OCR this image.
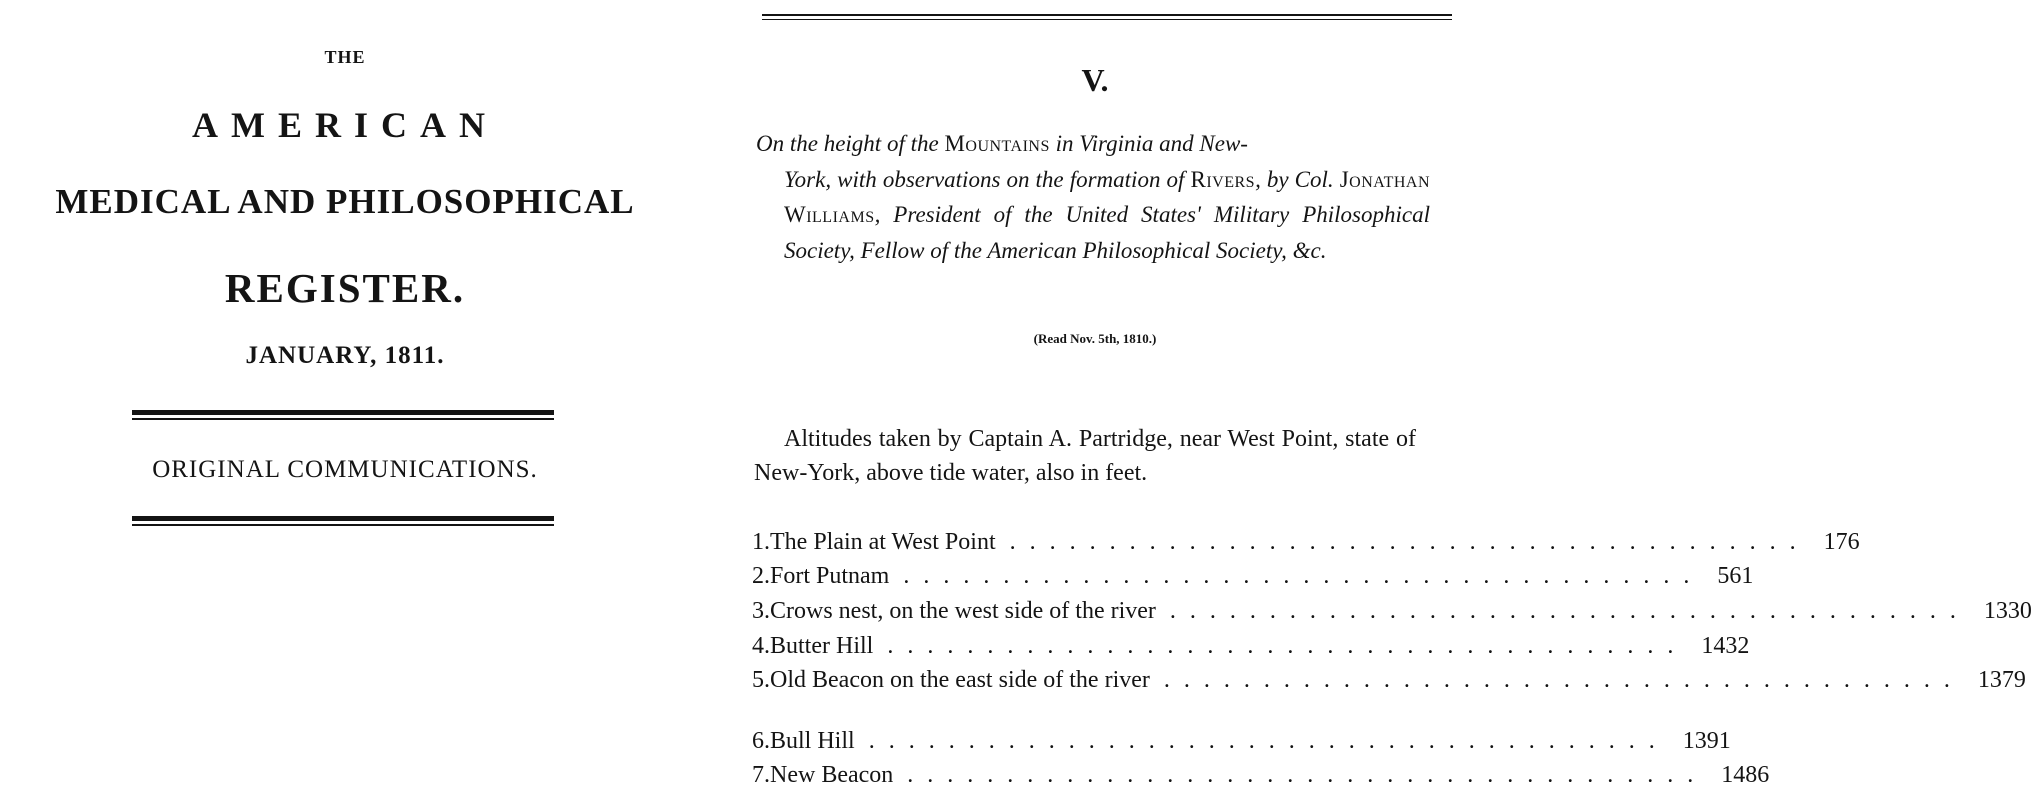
THE
AMERICAN
MEDICAL AND PHILOSOPHICAL
REGISTER.
JANUARY, 1811.
ORIGINAL COMMUNICATIONS.
V.
On the height of the Mountains in Virginia and New-
York, with observations on the formation of Rivers, by Col. Jonathan Williams, President of the United States' Military Philosophical Society, Fellow of the American Philosophical Society, &c.
(Read Nov. 5th, 1810.)
Altitudes taken by Captain A. Partridge, near West Point, state of New-York, above tide water, also in feet.
1. The Plain at West Point ........................................ 176
2. Fort Putnam ........................................ 561
3. Crows nest, on the west side of the river ........................................ 1330
4. Butter Hill ........................................ 1432
5. Old Beacon on the east side of the river ........................................ 1379
6. Bull Hill ........................................ 1391
7. New Beacon ........................................ 1486
